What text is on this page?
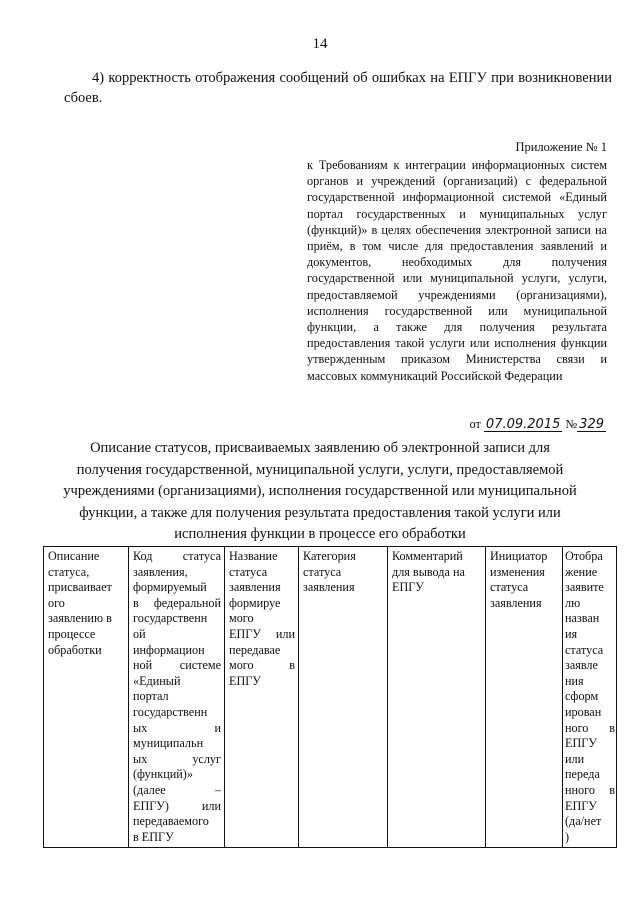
14
4) корректность отображения сообщений об ошибках на ЕПГУ при возникновении сбоев.
Приложение № 1

к Требованиям к интеграции информационных систем органов и учреждений (организаций) с федеральной государственной информационной системой «Единый портал государственных и муниципальных услуг (функций)» в целях обеспечения электронной записи на приём, в том числе для предоставления заявлений и документов, необходимых для получения государственной или муниципальной услуги, услуги, предоставляемой учреждениями (организациями), исполнения государственной или муниципальной функции, а также для получения результата предоставления такой услуги или исполнения функции утвержденным приказом Министерства связи и массовых коммуникаций Российской Федерации

от 07.09.2015 № 329
Описание статусов, присваиваемых заявлению об электронной записи для
получения государственной, муниципальной услуги, услуги, предоставляемой
учреждениями (организациями), исполнения государственной или муниципальной
функции, а также для получения результата предоставления такой услуги или
исполнения функции в процессе его обработки
Описание
статуса,
присваивает
ого
заявлению в
процессе
обработки

Код статуса
заявления,
формируемый
в федеральной
государственн
ой
информацион
ной системе
«Единый
портал
государственн
ых и
муниципальн
ых услуг
(функций)»
(далее –
ЕПГУ) или
передаваемого
в ЕПГУ

Название
статуса
заявления
формируе
мого
ЕПГУ или
передавае
мого в
ЕПГУ

Категория
статуса
заявления

Комментарий
для вывода на
ЕПГУ

Инициатор
изменения
статуса
заявления

Отобра
жение
заявите
лю
назван
ия
статуса
заявле
ния
сформ
ирован
ного в
ЕПГУ
или
переда
нного в
ЕПГУ
(да/нет
)
